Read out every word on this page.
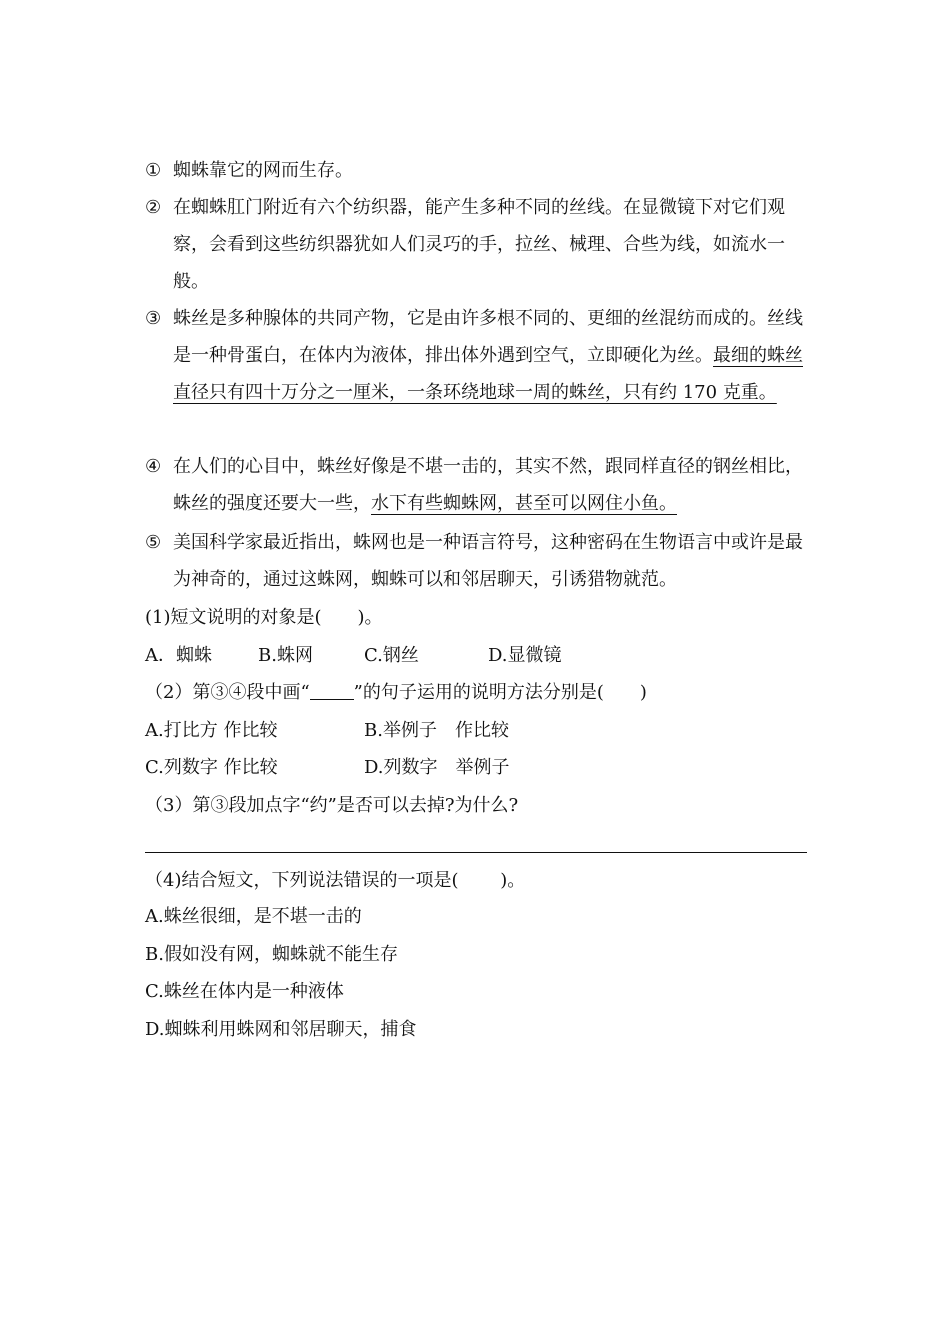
① 蜘蛛靠它的网而生存。
② 在蜘蛛肛门附近有六个纺织器，能产生多种不同的丝线。在显微镜下对它们观察，会看到这些纺织器犹如人们灵巧的手，拉丝、械理、合些为线，如流水一般。
③ 蛛丝是多种腺体的共同产物，它是由许多根不同的、更细的丝混纺而成的。丝线是一种骨蛋白，在体内为液体，排出体外遇到空气，立即硬化为丝。最细的蛛丝直径只有四十万分之一厘米，一条环绕地球一周的蛛丝，只有约 170 克重。
④ 在人们的心目中，蛛丝好像是不堪一击的，其实不然，跟同样直径的钢丝相比，蛛丝的强度还要大一些，水下有些蜘蛛网，甚至可以网住小鱼。
⑤ 美国科学家最近指出，蛛网也是一种语言符号，这种密码在生物语言中或许是最为神奇的，通过这蛛网，蜘蛛可以和邻居聊天，引诱猎物就范。
(1)短文说明的对象是(　　)。
A．蜘蛛	B.蛛网	C.钢丝	D.显微镜
（2）第③④段中画“ ”的句子运用的说明方法分别是(　　)
A.打比方 作比较	B.举例子　作比较
C.列数字 作比较	D.列数字　举例子
（3）第③段加点字“约”是否可以去掉?为什么?
（4)结合短文，下列说法错误的一项是(　　 )。
A.蛛丝很细，是不堪一击的
B.假如没有网，蜘蛛就不能生存
C.蛛丝在体内是一种液体
D.蜘蛛利用蛛网和邻居聊天，捕食
